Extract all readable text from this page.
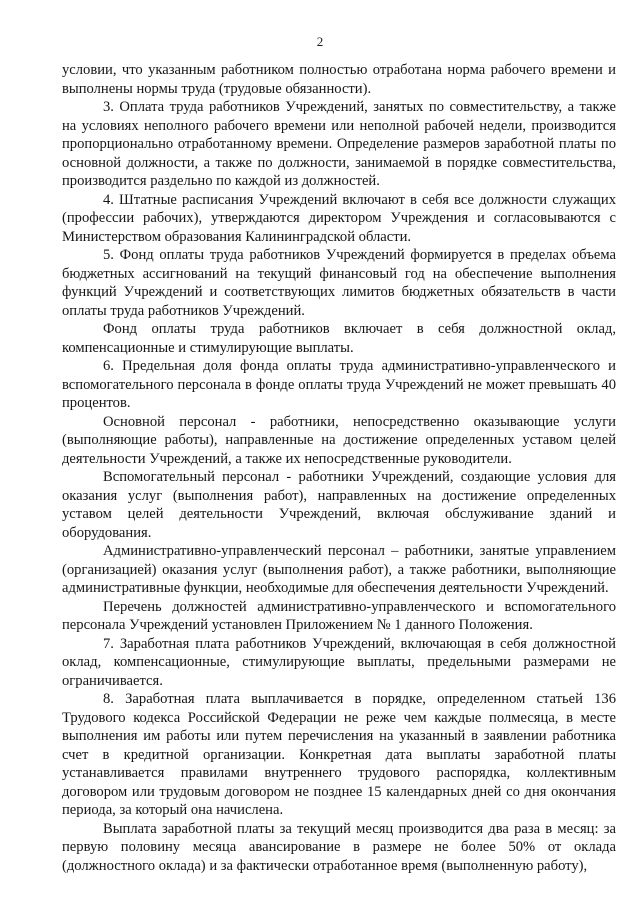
2

условии, что указанным работником полностью отработана норма рабочего времени и выполнены нормы труда (трудовые обязанности).

3. Оплата труда работников Учреждений, занятых по совместительству, а также на условиях неполного рабочего времени или неполной рабочей недели, производится пропорционально отработанному времени. Определение размеров заработной платы по основной должности, а также по должности, занимаемой в порядке совместительства, производится раздельно по каждой из должностей.

4. Штатные расписания Учреждений включают в себя все должности служащих (профессии рабочих), утверждаются директором Учреждения и согласовываются с Министерством образования Калининградской области.

5. Фонд оплаты труда работников Учреждений формируется в пределах объема бюджетных ассигнований на текущий финансовый год на обеспечение выполнения функций Учреждений и соответствующих лимитов бюджетных обязательств в части оплаты труда работников Учреждений.

Фонд оплаты труда работников включает в себя должностной оклад, компенсационные и стимулирующие выплаты.

6. Предельная доля фонда оплаты труда административно-управленческого и вспомогательного персонала в фонде оплаты труда Учреждений не может превышать 40 процентов.

Основной персонал - работники, непосредственно оказывающие услуги (выполняющие работы), направленные на достижение определенных уставом целей деятельности Учреждений, а также их непосредственные руководители.

Вспомогательный персонал - работники Учреждений, создающие условия для оказания услуг (выполнения работ), направленных на достижение определенных уставом целей деятельности Учреждений, включая обслуживание зданий и оборудования.

Административно-управленческий персонал – работники, занятые управлением (организацией) оказания услуг (выполнения работ), а также работники, выполняющие административные функции, необходимые для обеспечения деятельности Учреждений.

Перечень должностей административно-управленческого и вспомогательного персонала Учреждений установлен Приложением № 1 данного Положения.

7. Заработная плата работников Учреждений, включающая в себя должностной оклад, компенсационные, стимулирующие выплаты, предельными размерами не ограничивается.

8. Заработная плата выплачивается в порядке, определенном статьей 136 Трудового кодекса Российской Федерации не реже чем каждые полмесяца, в месте выполнения им работы или путем перечисления на указанный в заявлении работника счет в кредитной организации. Конкретная дата выплаты заработной платы устанавливается правилами внутреннего трудового распорядка, коллективным договором или трудовым договором не позднее 15 календарных дней со дня окончания периода, за который она начислена.

Выплата заработной платы за текущий месяц производится два раза в месяц: за первую половину месяца авансирование в размере не более 50% от оклада (должностного оклада) и за фактически отработанное время (выполненную работу),
